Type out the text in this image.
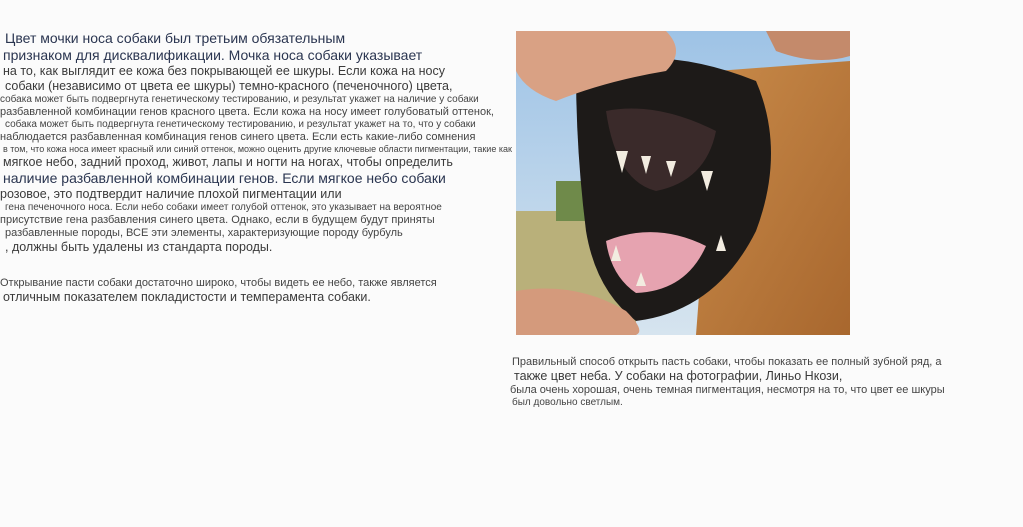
Цвет мочки носа собаки был третьим обязательным
признаком для дисквалификации. Мочка носа собаки указывает
на то, как выглядит ее кожа без покрывающей ее шкуры. Если кожа на носу
собаки (независимо от цвета ее шкуры) темно-красного (печеночного) цвета,
собака может быть подвергнута генетическому тестированию, и результат укажет на наличие у собаки
разбавленной комбинации генов красного цвета. Если кожа на носу имеет голубоватый оттенок,
собака может быть подвергнута генетическому тестированию, и результат укажет на то, что у собаки
наблюдается разбавленная комбинация генов синего цвета. Если есть какие-либо сомнения
в том, что кожа носа имеет красный или синий оттенок, можно оценить другие ключевые области пигментации, такие как
мягкое небо, задний проход, живот, лапы и ногти на ногах, чтобы определить
наличие разбавленной комбинации генов. Если мягкое небо собаки
розовое, это подтвердит наличие плохой пигментации или
гена печеночного носа. Если небо собаки имеет голубой оттенок, это указывает на вероятное
присутствие гена разбавления синего цвета. Однако, если в будущем будут приняты
разбавленные породы, ВСЕ эти элементы, характеризующие породу бурбуль
, должны быть удалены из стандарта породы.
Открывание пасти собаки достаточно широко, чтобы видеть ее небо, также является
отличным показателем покладистости и темперамента собаки.
Правильный способ открыть пасть собаки, чтобы показать ее полный зубной ряд, а
также цвет неба. У собаки на фотографии, Линьо Нкози,
была очень хорошая, очень темная пигментация, несмотря на то, что цвет ее шкуры
был довольно светлым.
